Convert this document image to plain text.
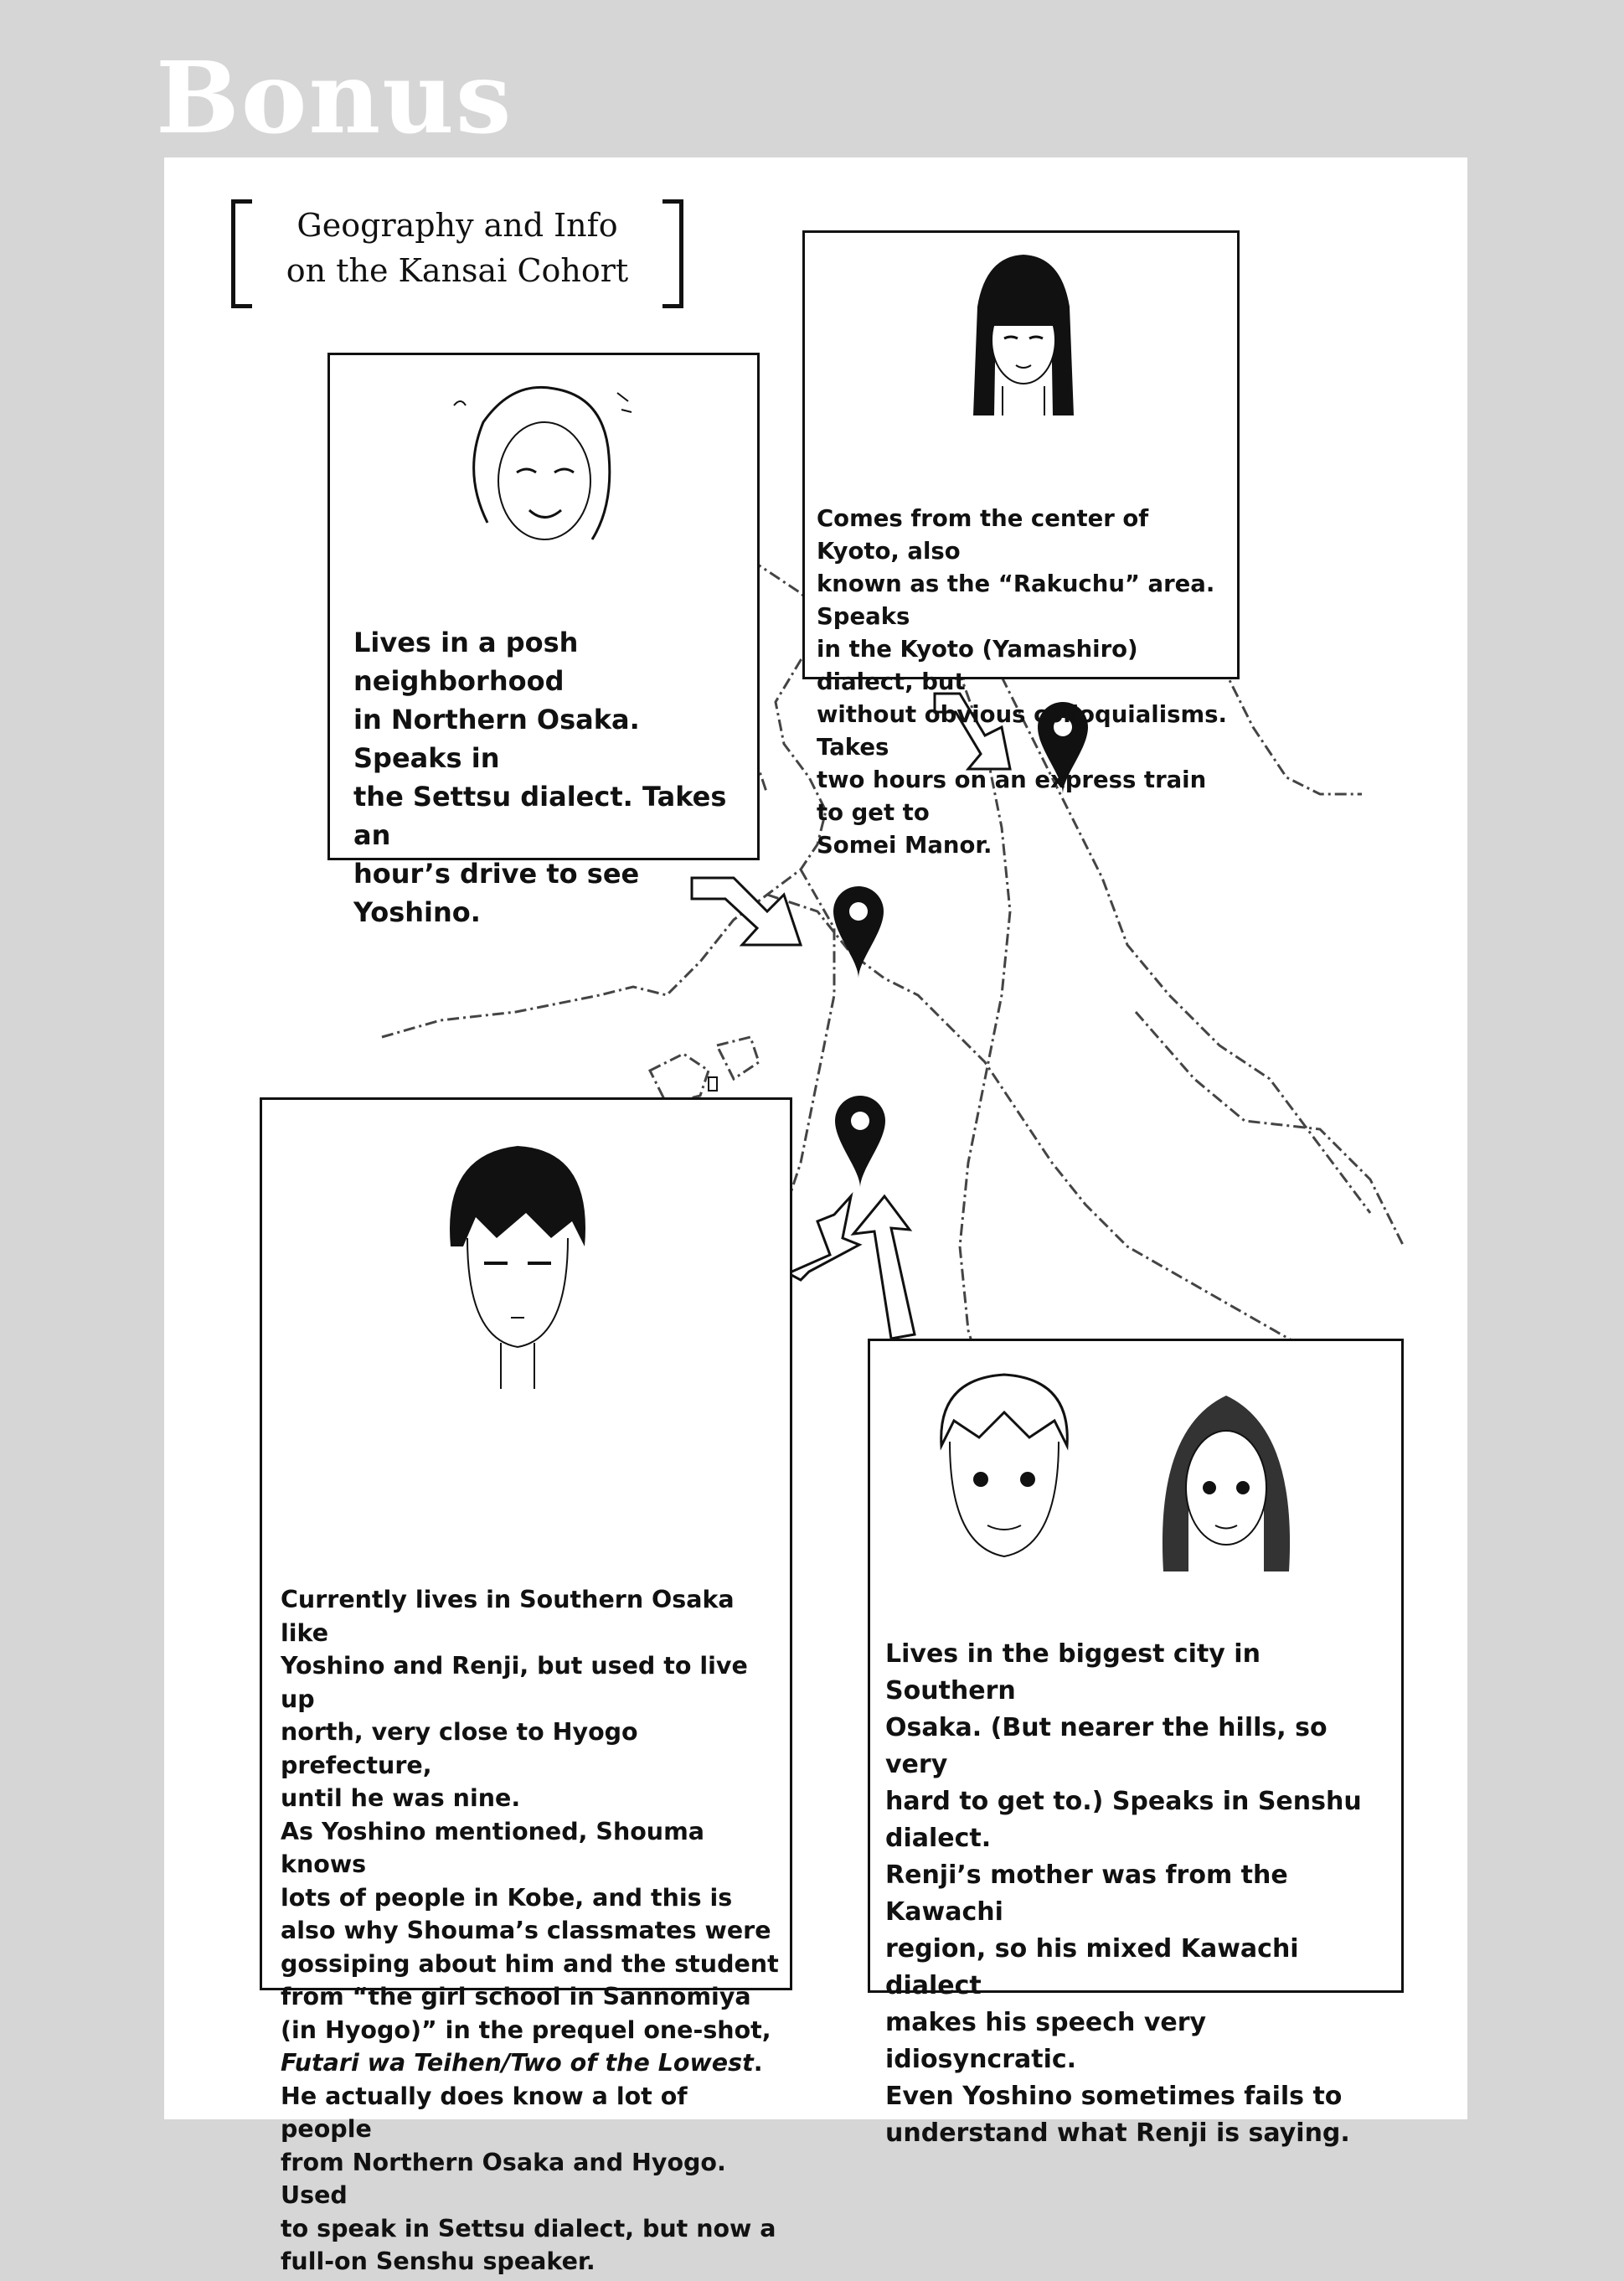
Bonus
Geography and Info
on the Kansai Cohort
Comes from the center of Kyoto, also
known as the “Rakuchu” area. Speaks
in the Kyoto (Yamashiro) dialect, but
without obvious colloquialisms. Takes
two hours on an express train to get to
Somei Manor.
Lives in a posh neighborhood
in Northern Osaka. Speaks in
the Settsu dialect. Takes an
hour’s drive to see Yoshino.
Currently lives in Southern Osaka like
Yoshino and Renji, but used to live up
north, very close to Hyogo prefecture,
until he was nine.
As Yoshino mentioned, Shouma knows
lots of people in Kobe, and this is
also why Shouma’s classmates were
gossiping about him and the student
from “the girl school in Sannomiya
(in Hyogo)” in the prequel one-shot,
Futari wa Teihen/Two of the Lowest.
He actually does know a lot of people
from Northern Osaka and Hyogo. Used
to speak in Settsu dialect, but now a
full-on Senshu speaker.
Lives in the biggest city in Southern
Osaka. (But nearer the hills, so very
hard to get to.) Speaks in Senshu
dialect.
Renji’s mother was from the Kawachi
region, so his mixed Kawachi dialect
makes his speech very idiosyncratic.
Even Yoshino sometimes fails to
understand what Renji is saying.
